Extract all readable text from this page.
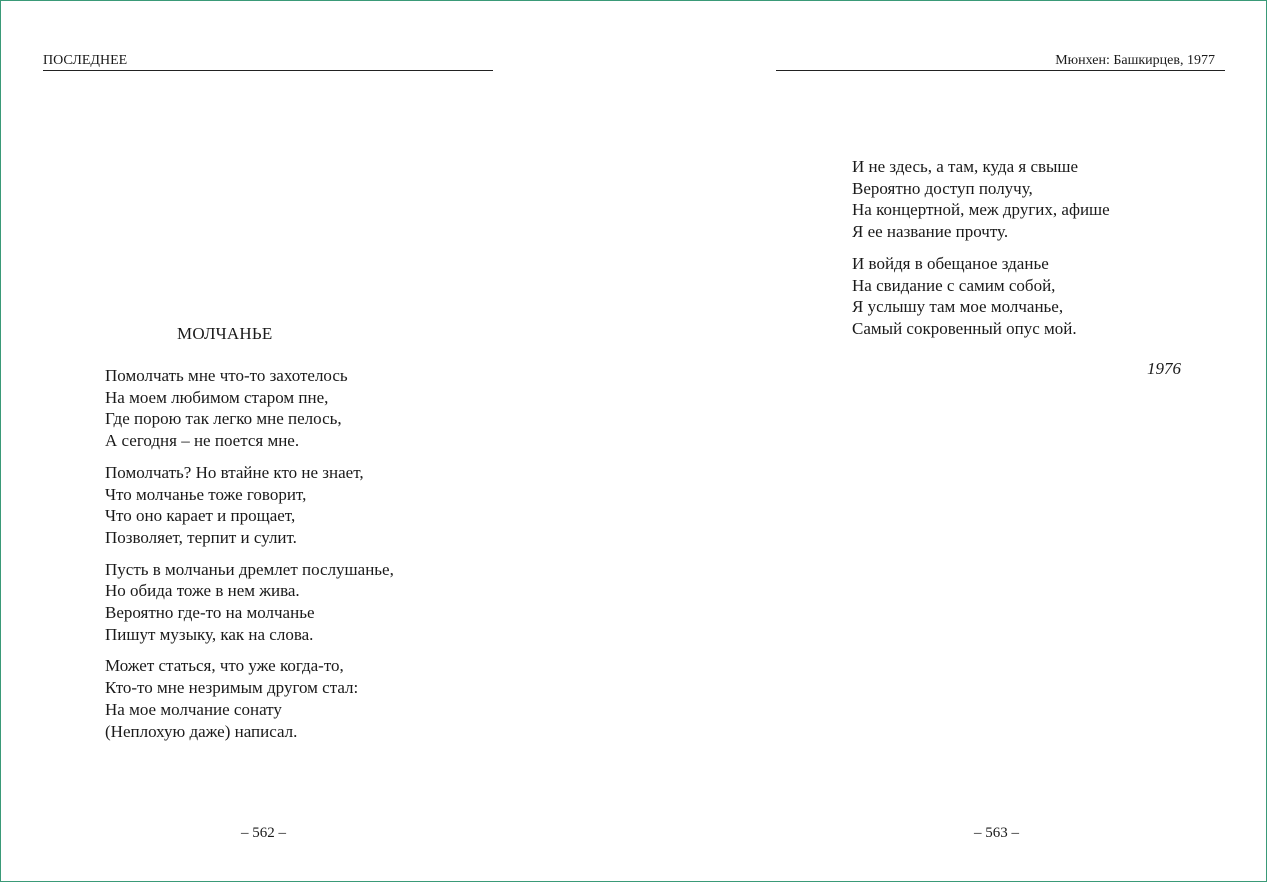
ПОСЛЕДНЕЕ
МОЛЧАНЬЕ
Помолчать мне что-то захотелось
На моем любимом старом пне,
Где порою так легко мне пелось,
А сегодня – не поется мне.
Помолчать? Но втайне кто не знает,
Что молчанье тоже говорит,
Что оно карает и прощает,
Позволяет, терпит и сулит.
Пусть в молчаньи дремлет послушанье,
Но обида тоже в нем жива.
Вероятно где-то на молчанье
Пишут музыку, как на слова.
Может статься, что уже когда-то,
Кто-то мне незримым другом стал:
На мое молчание сонату
(Неплохую даже) написал.
– 562 –
Мюнхен: Башкирцев, 1977
И не здесь, а там, куда я свыше
Вероятно доступ получу,
На концертной, меж других, афише
Я ее название прочту.
И войдя в обещаное зданье
На свидание с самим собой,
Я услышу там мое молчанье,
Самый сокровенный опус мой.
1976
– 563 –
